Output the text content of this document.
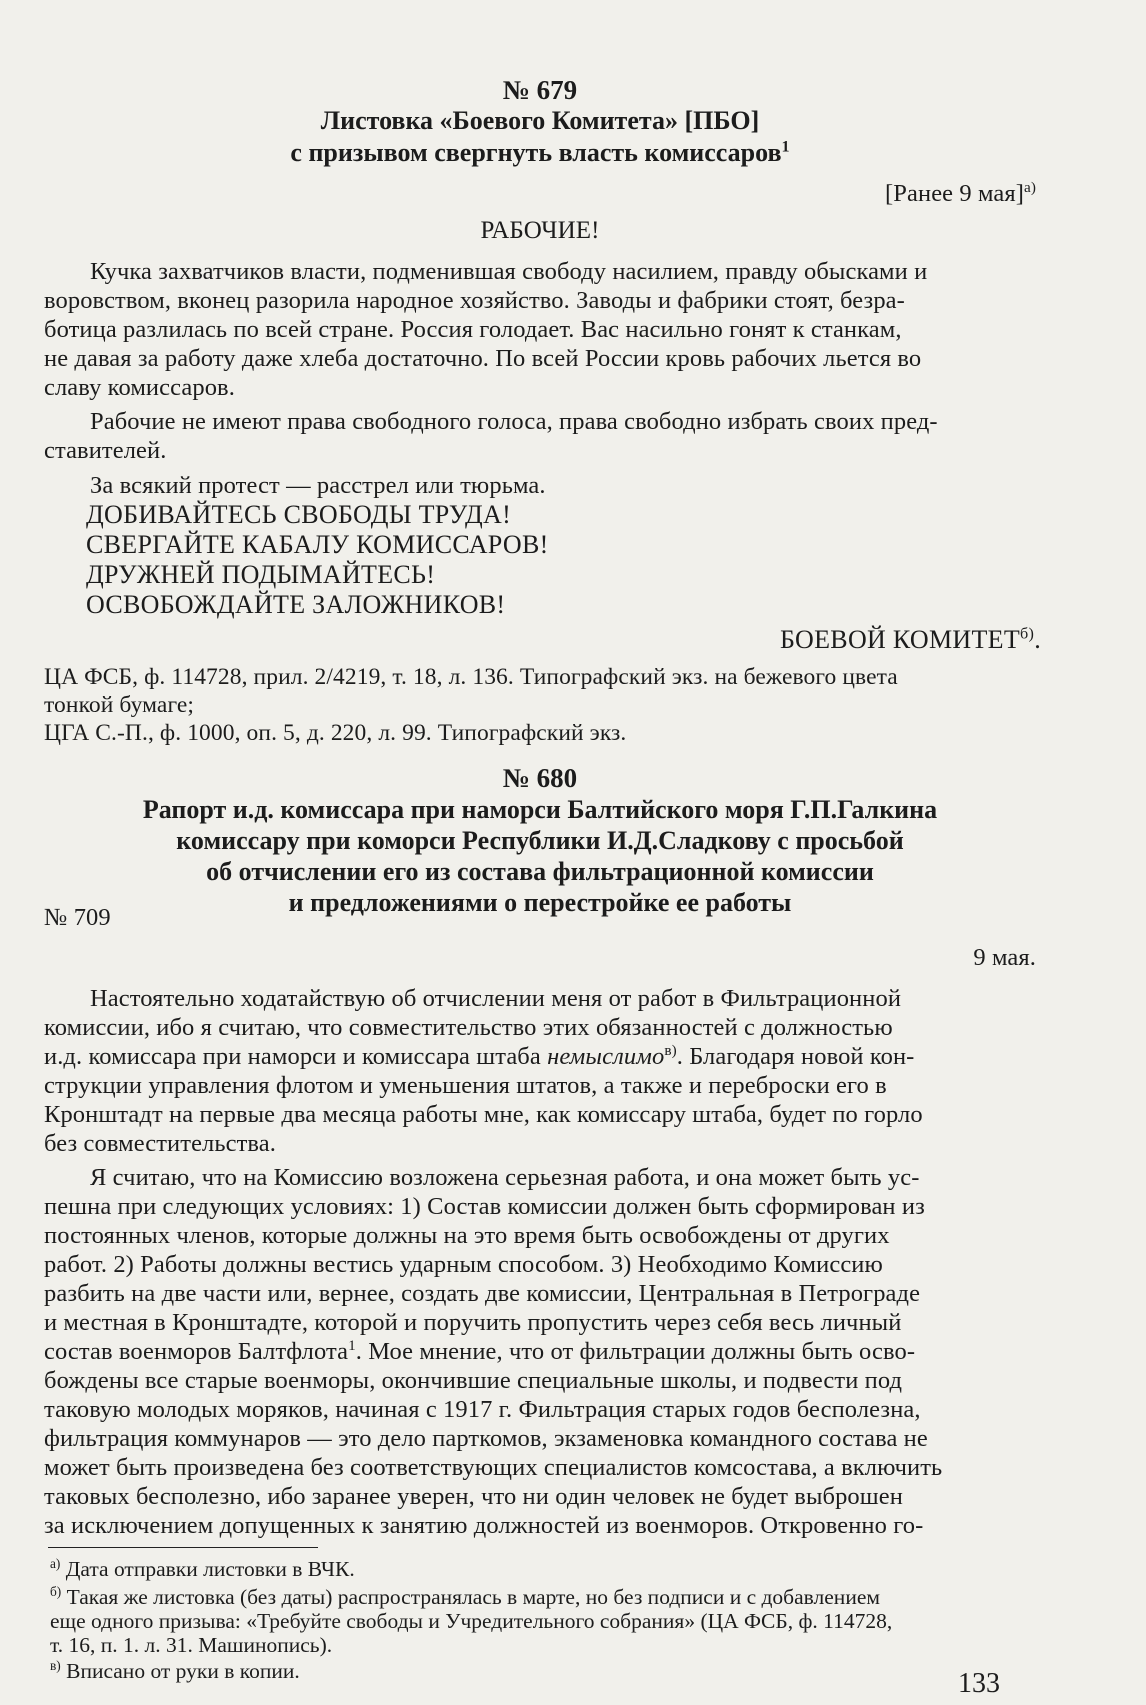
№ 679
Листовка «Боевого Комитета» [ПБО]
с призывом свергнуть власть комиссаров$^1$
[Ранее 9 мая]$^{а)}$
РАБОЧИЕ!
Кучка захватчиков власти, подменившая свободу насилием, правду обысками и
воровством, вконец разорила народное хозяйство. Заводы и фабрики стоят, безра-
ботица разлилась по всей стране. Россия голодает. Вас насильно гонят к станкам,
не давая за работу даже хлеба достаточно. По всей России кровь рабочих льется во
славу комиссаров.
Рабочие не имеют права свободного голоса, права свободно избрать своих пред-
ставителей.
За всякий протест — расстрел или тюрьма.
ДОБИВАЙТЕСЬ СВОБОДЫ ТРУДА!
СВЕРГАЙТЕ КАБАЛУ КОМИССАРОВ!
ДРУЖНЕЙ ПОДЫМАЙТЕСЬ!
ОСВОБОЖДАЙТЕ ЗАЛОЖНИКОВ!
БОЕВОЙ $КОМИТЕТ^{б)}$.
ЦА ФСБ, ф. 114728, прил. 2/4219, т. 18, л. 136. Типографский экз. на бежевого цвета
тонкой бумаге;
ЦГА С.-П., ф. 1000, оп. 5, д. 220, л. 99. Типографский экз.
№ 680
Рапорт и.д. комиссара при наморси Балтийского моря Г.П.Галкина
комиссару при коморси Республики И.Д.Сладкову с просьбой
об отчислении его из состава фильтрационной комиссии
и предложениями о перестройке ее работы
№ 709
9 мая.
Настоятельно ходатайствую об отчислении меня от работ в Фильтрационной
комиссии, ибо я считаю, что совместительство этих обязанностей с должностью
и.д. комиссара при наморси и комиссара штаба немыслимо$^{в)}$. Благодаря новой кон-
струкции управления флотом и уменьшения штатов, а также и переброски его в
Кронштадт на первые два месяца работы мне, как комиссару штаба, будет по горло
без совместительства.
Я считаю, что на Комиссию возложена серьезная работа, и она может быть ус-
пешна при следующих условиях: 1) Состав комиссии должен быть сформирован из
постоянных членов, которые должны на это время быть освобождены от других
работ. 2) Работы должны вестись ударным способом. 3) Необходимо Комиссию
разбить на две части или, вернее, создать две комиссии, Центральная в Петрограде
и местная в Кронштадте, которой и поручить пропустить через себя весь личный
состав военморов Балтфлота$^1$. Мое мнение, что от фильтрации должны быть осво-
бождены все старые военморы, окончившие специальные школы, и подвести под
таковую молодых моряков, начиная с 1917 г. Фильтрация старых годов бесполезна,
фильтрация коммунаров — это дело парткомов, экзаменовка командного состава не
может быть произведена без соответствующих специалистов комсостава, а включить
таковых бесполезно, ибо заранее уверен, что ни один человек не будет выброшен
за исключением допущенных к занятию должностей из военморов. Откровенно го-
$^{а)}$ Дата отправки листовки в ВЧК.
$^{б)}$ Такая же листовка (без даты) распространялась в марте, но без подписи и с добавлением
еще одного призыва: «Требуйте свободы и Учредительного собрания» (ЦА ФСБ, ф. 114728,
т. 16, п. 1. л. 31. Машинопись).
$^{в)}$ Вписано от руки в копии.	133
